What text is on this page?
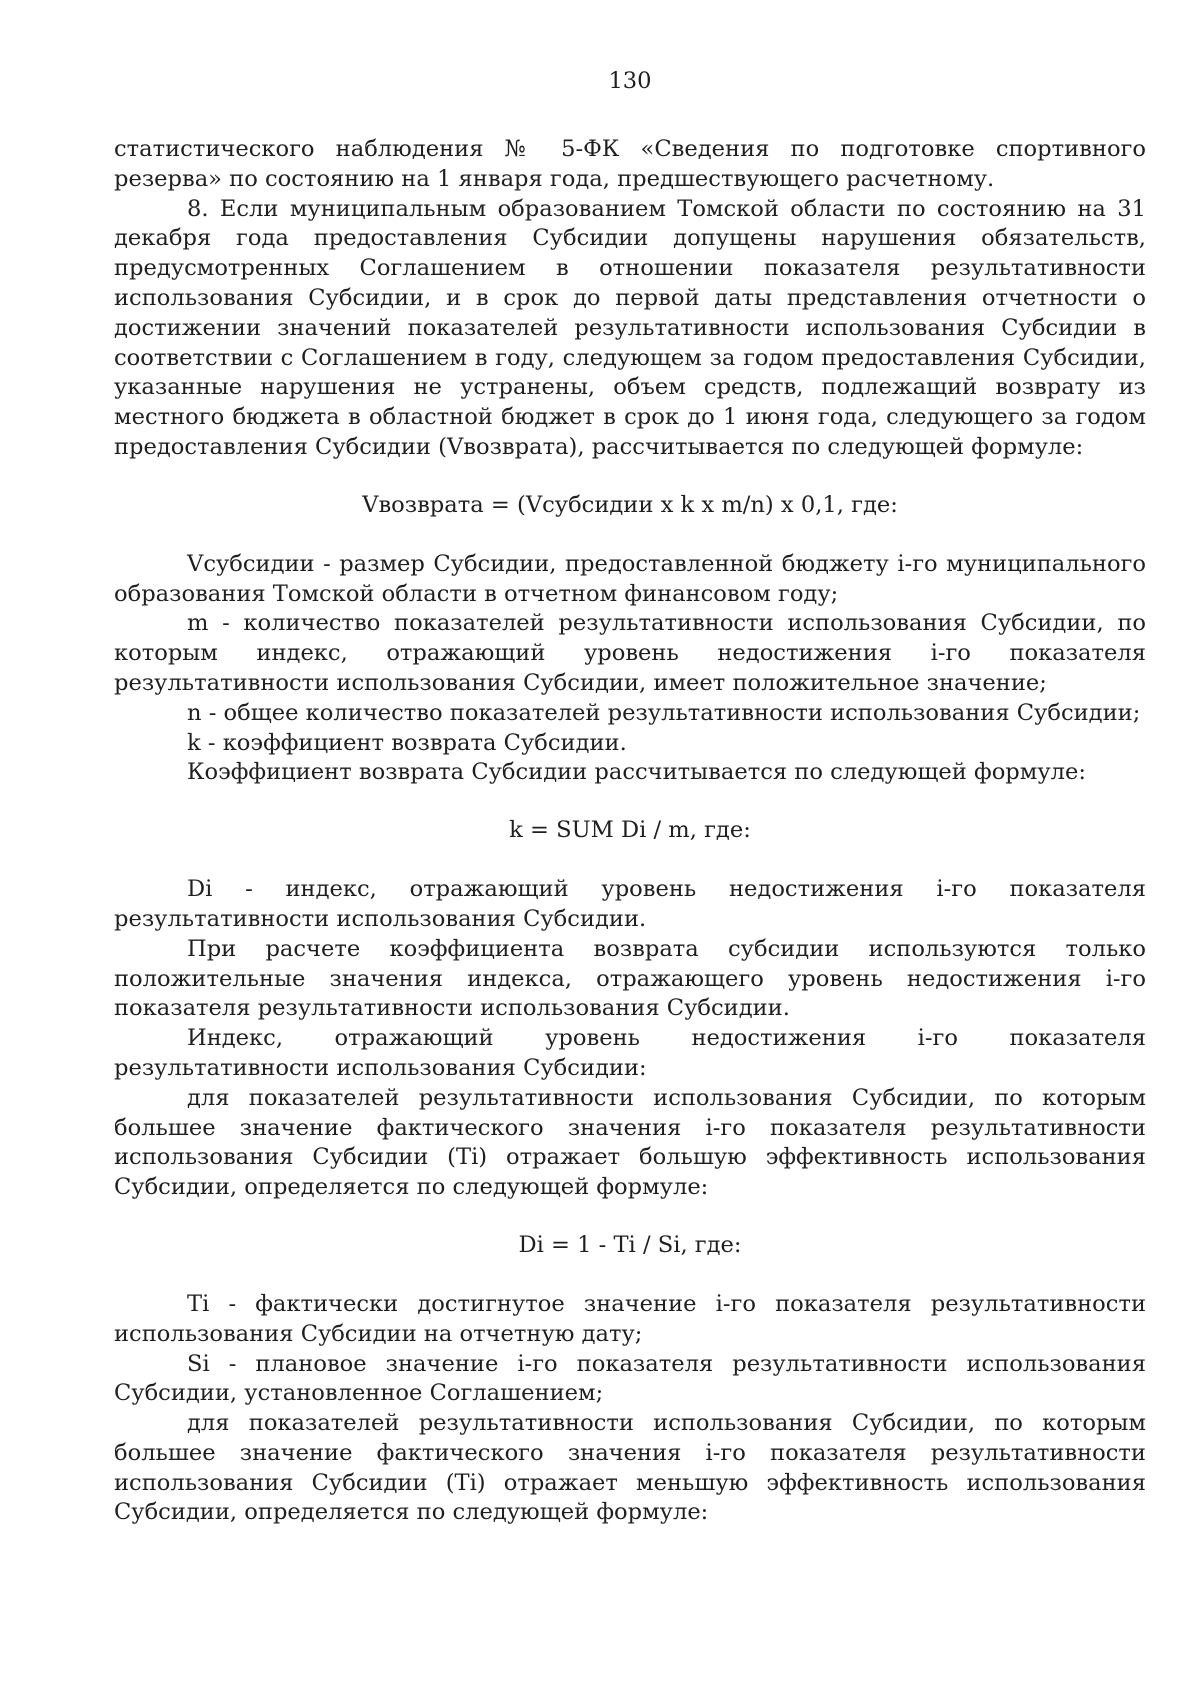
130

статистического наблюдения № 5-ФК «Сведения по подготовке спортивного резерва» по состоянию на 1 января года, предшествующего расчетному.

8. Если муниципальным образованием Томской области по состоянию на 31 декабря года предоставления Субсидии допущены нарушения обязательств, предусмотренных Соглашением в отношении показателя результативности использования Субсидии, и в срок до первой даты представления отчетности о достижении значений показателей результативности использования Субсидии в соответствии с Соглашением в году, следующем за годом предоставления Субсидии, указанные нарушения не устранены, объем средств, подлежащий возврату из местного бюджета в областной бюджет в срок до 1 июня года, следующего за годом предоставления Субсидии (Vвозврата), рассчитывается по следующей формуле:

Vвозврата = (Vсубсидии x k x m/n) x 0,1, где:

Vсубсидии - размер Субсидии, предоставленной бюджету i-го муниципального образования Томской области в отчетном финансовом году;

m - количество показателей результативности использования Субсидии, по которым индекс, отражающий уровень недостижения i-го показателя результативности использования Субсидии, имеет положительное значение;

n - общее количество показателей результативности использования Субсидии;

k - коэффициент возврата Субсидии.

Коэффициент возврата Субсидии рассчитывается по следующей формуле:

k = SUM Di / m, где:

Di - индекс, отражающий уровень недостижения i-го показателя результативности использования Субсидии.

При расчете коэффициента возврата субсидии используются только положительные значения индекса, отражающего уровень недостижения i-го показателя результативности использования Субсидии.

Индекс, отражающий уровень недостижения i-го показателя результативности использования Субсидии:

для показателей результативности использования Субсидии, по которым большее значение фактического значения i-го показателя результативности использования Субсидии (Ti) отражает большую эффективность использования Субсидии, определяется по следующей формуле:

Di = 1 - Ti / Si, где:

Ti - фактически достигнутое значение i-го показателя результативности использования Субсидии на отчетную дату;

Si - плановое значение i-го показателя результативности использования Субсидии, установленное Соглашением;

для показателей результативности использования Субсидии, по которым большее значение фактического значения i-го показателя результативности использования Субсидии (Ti) отражает меньшую эффективность использования Субсидии, определяется по следующей формуле:
